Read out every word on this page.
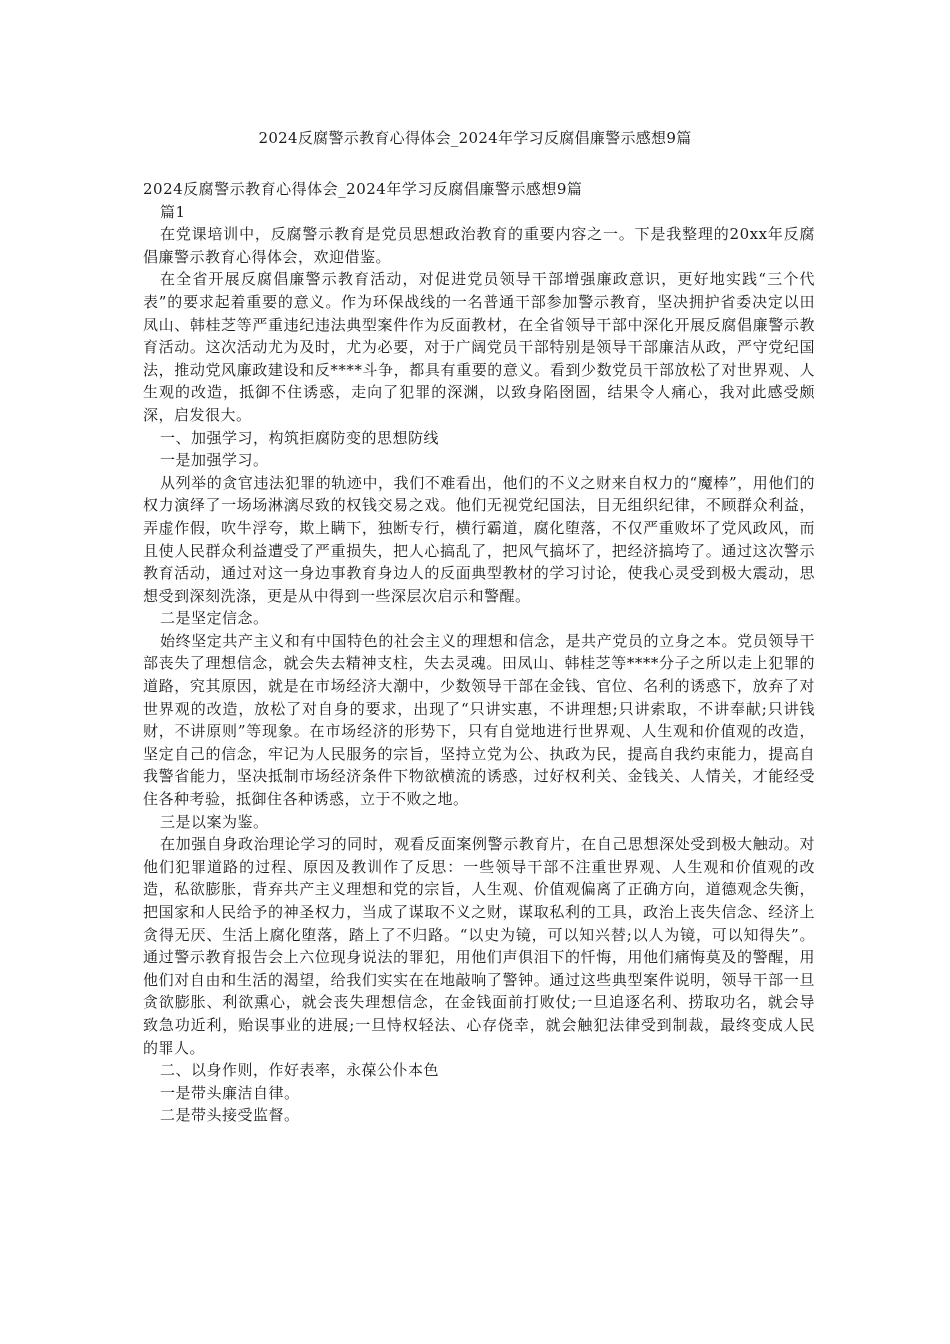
2024反腐警示教育心得体会_2024年学习反腐倡廉警示感想9篇

2024反腐警示教育心得体会_2024年学习反腐倡廉警示感想9篇

篇1

在党课培训中，反腐警示教育是党员思想政治教育的重要内容之一。下是我整理的20xx年反腐倡廉警示教育心得体会，欢迎借鉴。

在全省开展反腐倡廉警示教育活动，对促进党员领导干部增强廉政意识，更好地实践“三个代表”的要求起着重要的意义。作为环保战线的一名普通干部参加警示教育，坚决拥护省委决定以田凤山、韩桂芝等严重违纪违法典型案件作为反面教材，在全省领导干部中深化开展反腐倡廉警示教育活动。这次活动尤为及时，尤为必要，对于广阔党员干部特别是领导干部廉洁从政，严守党纪国法，推动党风廉政建设和反****斗争，都具有重要的意义。看到少数党员干部放松了对世界观、人生观的改造，抵御不住诱惑，走向了犯罪的深渊，以致身陷囹圄，结果令人痛心，我对此感受颇深，启发很大。

一、加强学习，构筑拒腐防变的思想防线

一是加强学习。

从列举的贪官违法犯罪的轨迹中，我们不难看出，他们的不义之财来自权力的“魔棒”，用他们的权力演绎了一场场淋漓尽致的权钱交易之戏。他们无视党纪国法，目无组织纪律，不顾群众利益，弄虚作假，吹牛浮夸，欺上瞒下，独断专行，横行霸道，腐化堕落，不仅严重败坏了党风政风，而且使人民群众利益遭受了严重损失，把人心搞乱了，把风气搞坏了，把经济搞垮了。通过这次警示教育活动，通过对这一身边事教育身边人的反面典型教材的学习讨论，使我心灵受到极大震动，思想受到深刻洗涤，更是从中得到一些深层次启示和警醒。

二是坚定信念。

始终坚定共产主义和有中国特色的社会主义的理想和信念，是共产党员的立身之本。党员领导干部丧失了理想信念，就会失去精神支柱，失去灵魂。田凤山、韩桂芝等****分子之所以走上犯罪的道路，究其原因，就是在市场经济大潮中，少数领导干部在金钱、官位、名利的诱惑下，放弃了对世界观的改造，放松了对自身的要求，出现了“只讲实惠，不讲理想;只讲索取，不讲奉献;只讲钱财，不讲原则”等现象。在市场经济的形势下，只有自觉地进行世界观、人生观和价值观的改造，坚定自己的信念，牢记为人民服务的宗旨，坚持立党为公、执政为民，提高自我约束能力，提高自我警省能力，坚决抵制市场经济条件下物欲横流的诱惑，过好权利关、金钱关、人情关，才能经受住各种考验，抵御住各种诱惑，立于不败之地。

三是以案为鉴。

在加强自身政治理论学习的同时，观看反面案例警示教育片，在自己思想深处受到极大触动。对他们犯罪道路的过程、原因及教训作了反思：一些领导干部不注重世界观、人生观和价值观的改造，私欲膨胀，背弃共产主义理想和党的宗旨，人生观、价值观偏离了正确方向，道德观念失衡，把国家和人民给予的神圣权力，当成了谋取不义之财，谋取私利的工具，政治上丧失信念、经济上贪得无厌、生活上腐化堕落，踏上了不归路。“以史为镜，可以知兴替;以人为镜，可以知得失”。通过警示教育报告会上六位现身说法的罪犯，用他们声俱泪下的忏悔，用他们痛悔莫及的警醒，用他们对自由和生活的渴望，给我们实实在在地敲响了警钟。通过这些典型案件说明，领导干部一旦贪欲膨胀、利欲熏心，就会丧失理想信念，在金钱面前打败仗;一旦追逐名利、捞取功名，就会导致急功近利，贻误事业的进展;一旦恃权轻法、心存侥幸，就会触犯法律受到制裁，最终变成人民的罪人。

二、以身作则，作好表率，永葆公仆本色

一是带头廉洁自律。

二是带头接受监督。
